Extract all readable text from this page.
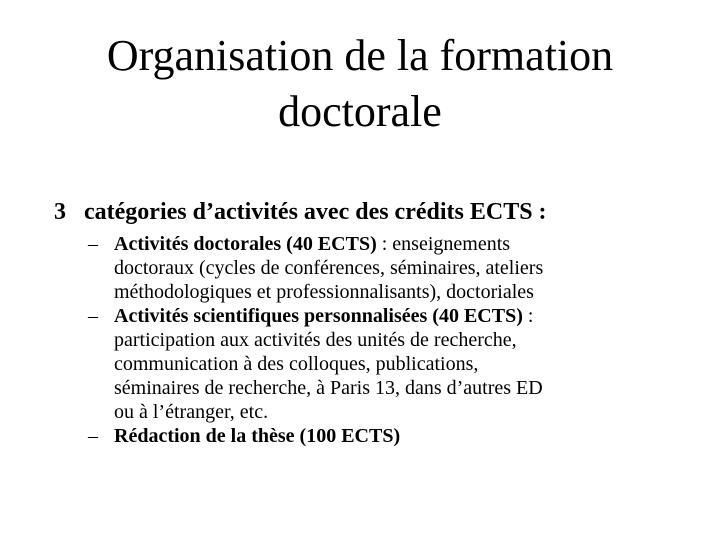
Organisation de la formation
doctorale
3 catégories d’activités avec des crédits ECTS :
– Activités doctorales (40 ECTS) : enseignements
doctoraux (cycles de conférences, séminaires, ateliers
méthodologiques et professionnalisants), doctoriales
– Activités scientifiques personnalisées (40 ECTS) :
participation aux activités des unités de recherche,
communication à des colloques, publications,
séminaires de recherche, à Paris 13, dans d’autres ED
ou à l’étranger, etc.
– Rédaction de la thèse (100 ECTS)
